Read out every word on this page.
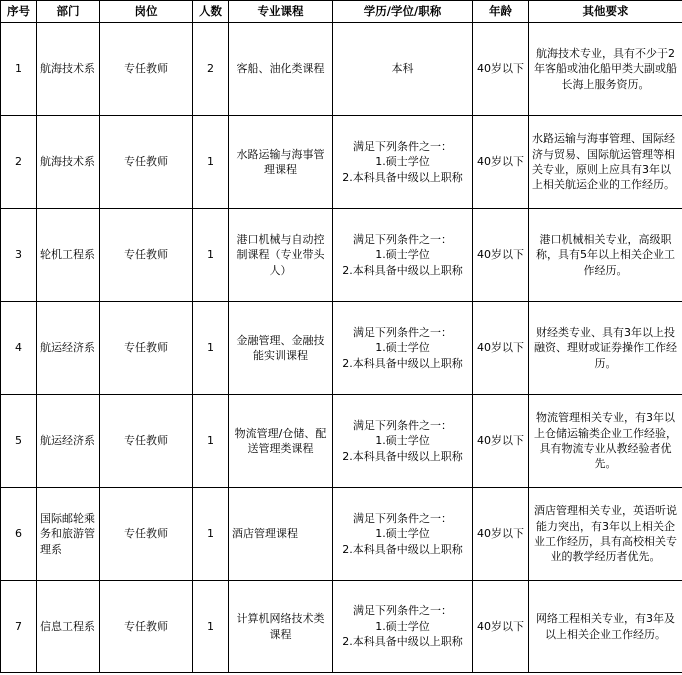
序号	部门	岗位	人数	专业课程	学历/学位/职称	年龄	其他要求
1	航海技术系	专任教师	2	客船、油化类课程	本科	40岁以下	航海技术专业，具有不少于2年客船或油化船甲类大副或船长海上服务资历。
2	航海技术系	专任教师	1	水路运输与海事管理课程	满足下列条件之一：
1.硕士学位
2.本科具备中级以上职称	40岁以下	水路运输与海事管理、国际经济与贸易、国际航运管理等相关专业，原则上应具有3年以上相关航运企业的工作经历。
3	轮机工程系	专任教师	1	港口机械与自动控制课程（专业带头人）	满足下列条件之一：
1.硕士学位
2.本科具备中级以上职称	40岁以下	港口机械相关专业，高级职称，具有5年以上相关企业工作经历。
4	航运经济系	专任教师	1	金融管理、金融技能实训课程	满足下列条件之一：
1.硕士学位
2.本科具备中级以上职称	40岁以下	财经类专业、具有3年以上投融资、理财或证券操作工作经历。
5	航运经济系	专任教师	1	物流管理/仓储、配送管理类课程	满足下列条件之一：
1.硕士学位
2.本科具备中级以上职称	40岁以下	物流管理相关专业，有3年以上仓储运输类企业工作经验，具有物流专业从教经验者优先。
6	国际邮轮乘务和旅游管理系	专任教师	1	酒店管理课程	满足下列条件之一：
1.硕士学位
2.本科具备中级以上职称	40岁以下	酒店管理相关专业，英语听说能力突出，有3年以上相关企业工作经历，具有高校相关专业的教学经历者优先。
7	信息工程系	专任教师	1	计算机网络技术类课程	满足下列条件之一：
1.硕士学位
2.本科具备中级以上职称	40岁以下	网络工程相关专业，有3年及以上相关企业工作经历。
